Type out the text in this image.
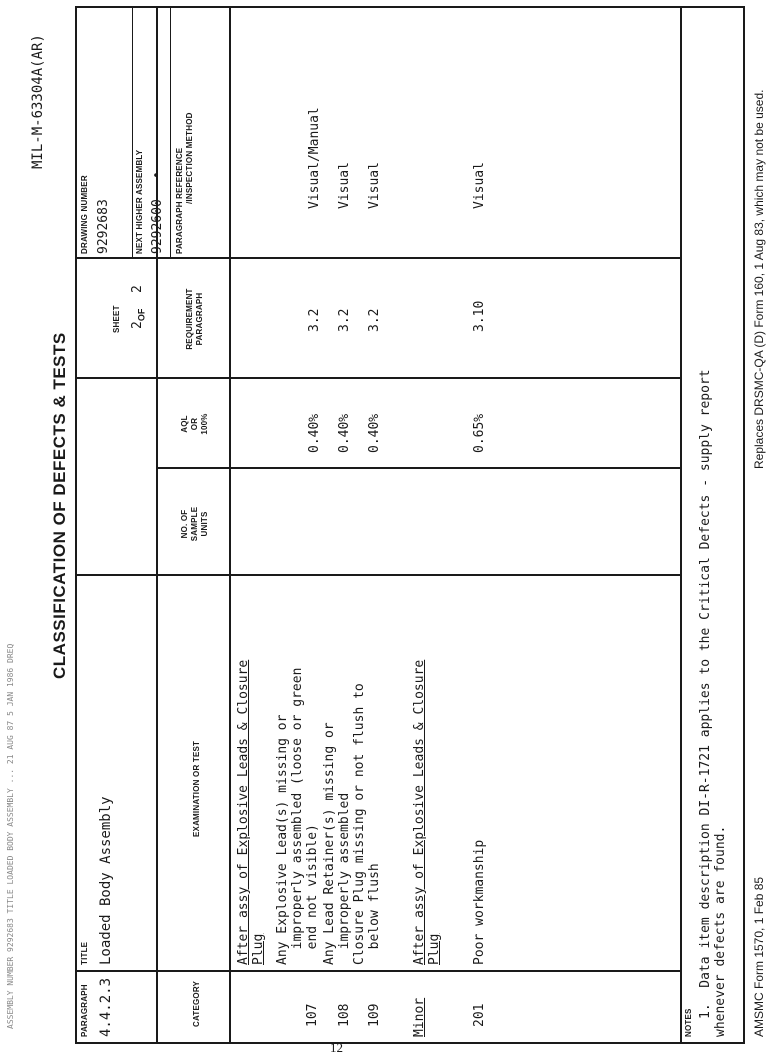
ASSEMBLY NUMBER 9292683 TITLE LOADED BODY ASSEMBLY ... 21 AUG 87 5 JAN 1986 DREQ
MIL-M-63304A(AR)
CLASSIFICATION OF DEFECTS & TESTS
PARAGRAPH 4.4.2.3
TITLE Loaded Body Assembly
SHEET $2_{OF}$  2
DRAWING NUMBER 9292683	NEXT HIGHER ASSEMBLY 9292600
•
CATEGORY
EXAMINATION OR TEST
NO. OF SAMPLE UNITS
AQL OR 100%
REQUIREMENT PARAGRAPH
PARAGRAPH REFERENCE /INSPECTION METHOD
After assy of Explosive Leads & Closure Plug
107
Any Explosive Lead(s) missing or improperly assembled (loose or green end not visible)
0.40%
3.2
Visual/Manual
108
Any Lead Retainer(s) missing or improperly assembled
0.40%
3.2
Visual
109
Closure Plug missing or not flush to below flush
0.40%
3.2
Visual
Minor
After assy of Explosive Leads & Closure Plug
201
Poor workmanship
0.65%
3.10
Visual
NOTES
1.  Data item description DI-R-1721 applies to the Critical Defects - supply report whenever defects are found. AMSMC Form 1570, 1 Feb 85
Replaces DRSMC-QA (D) Form 160, 1 Aug 83, which may not be used.
12
